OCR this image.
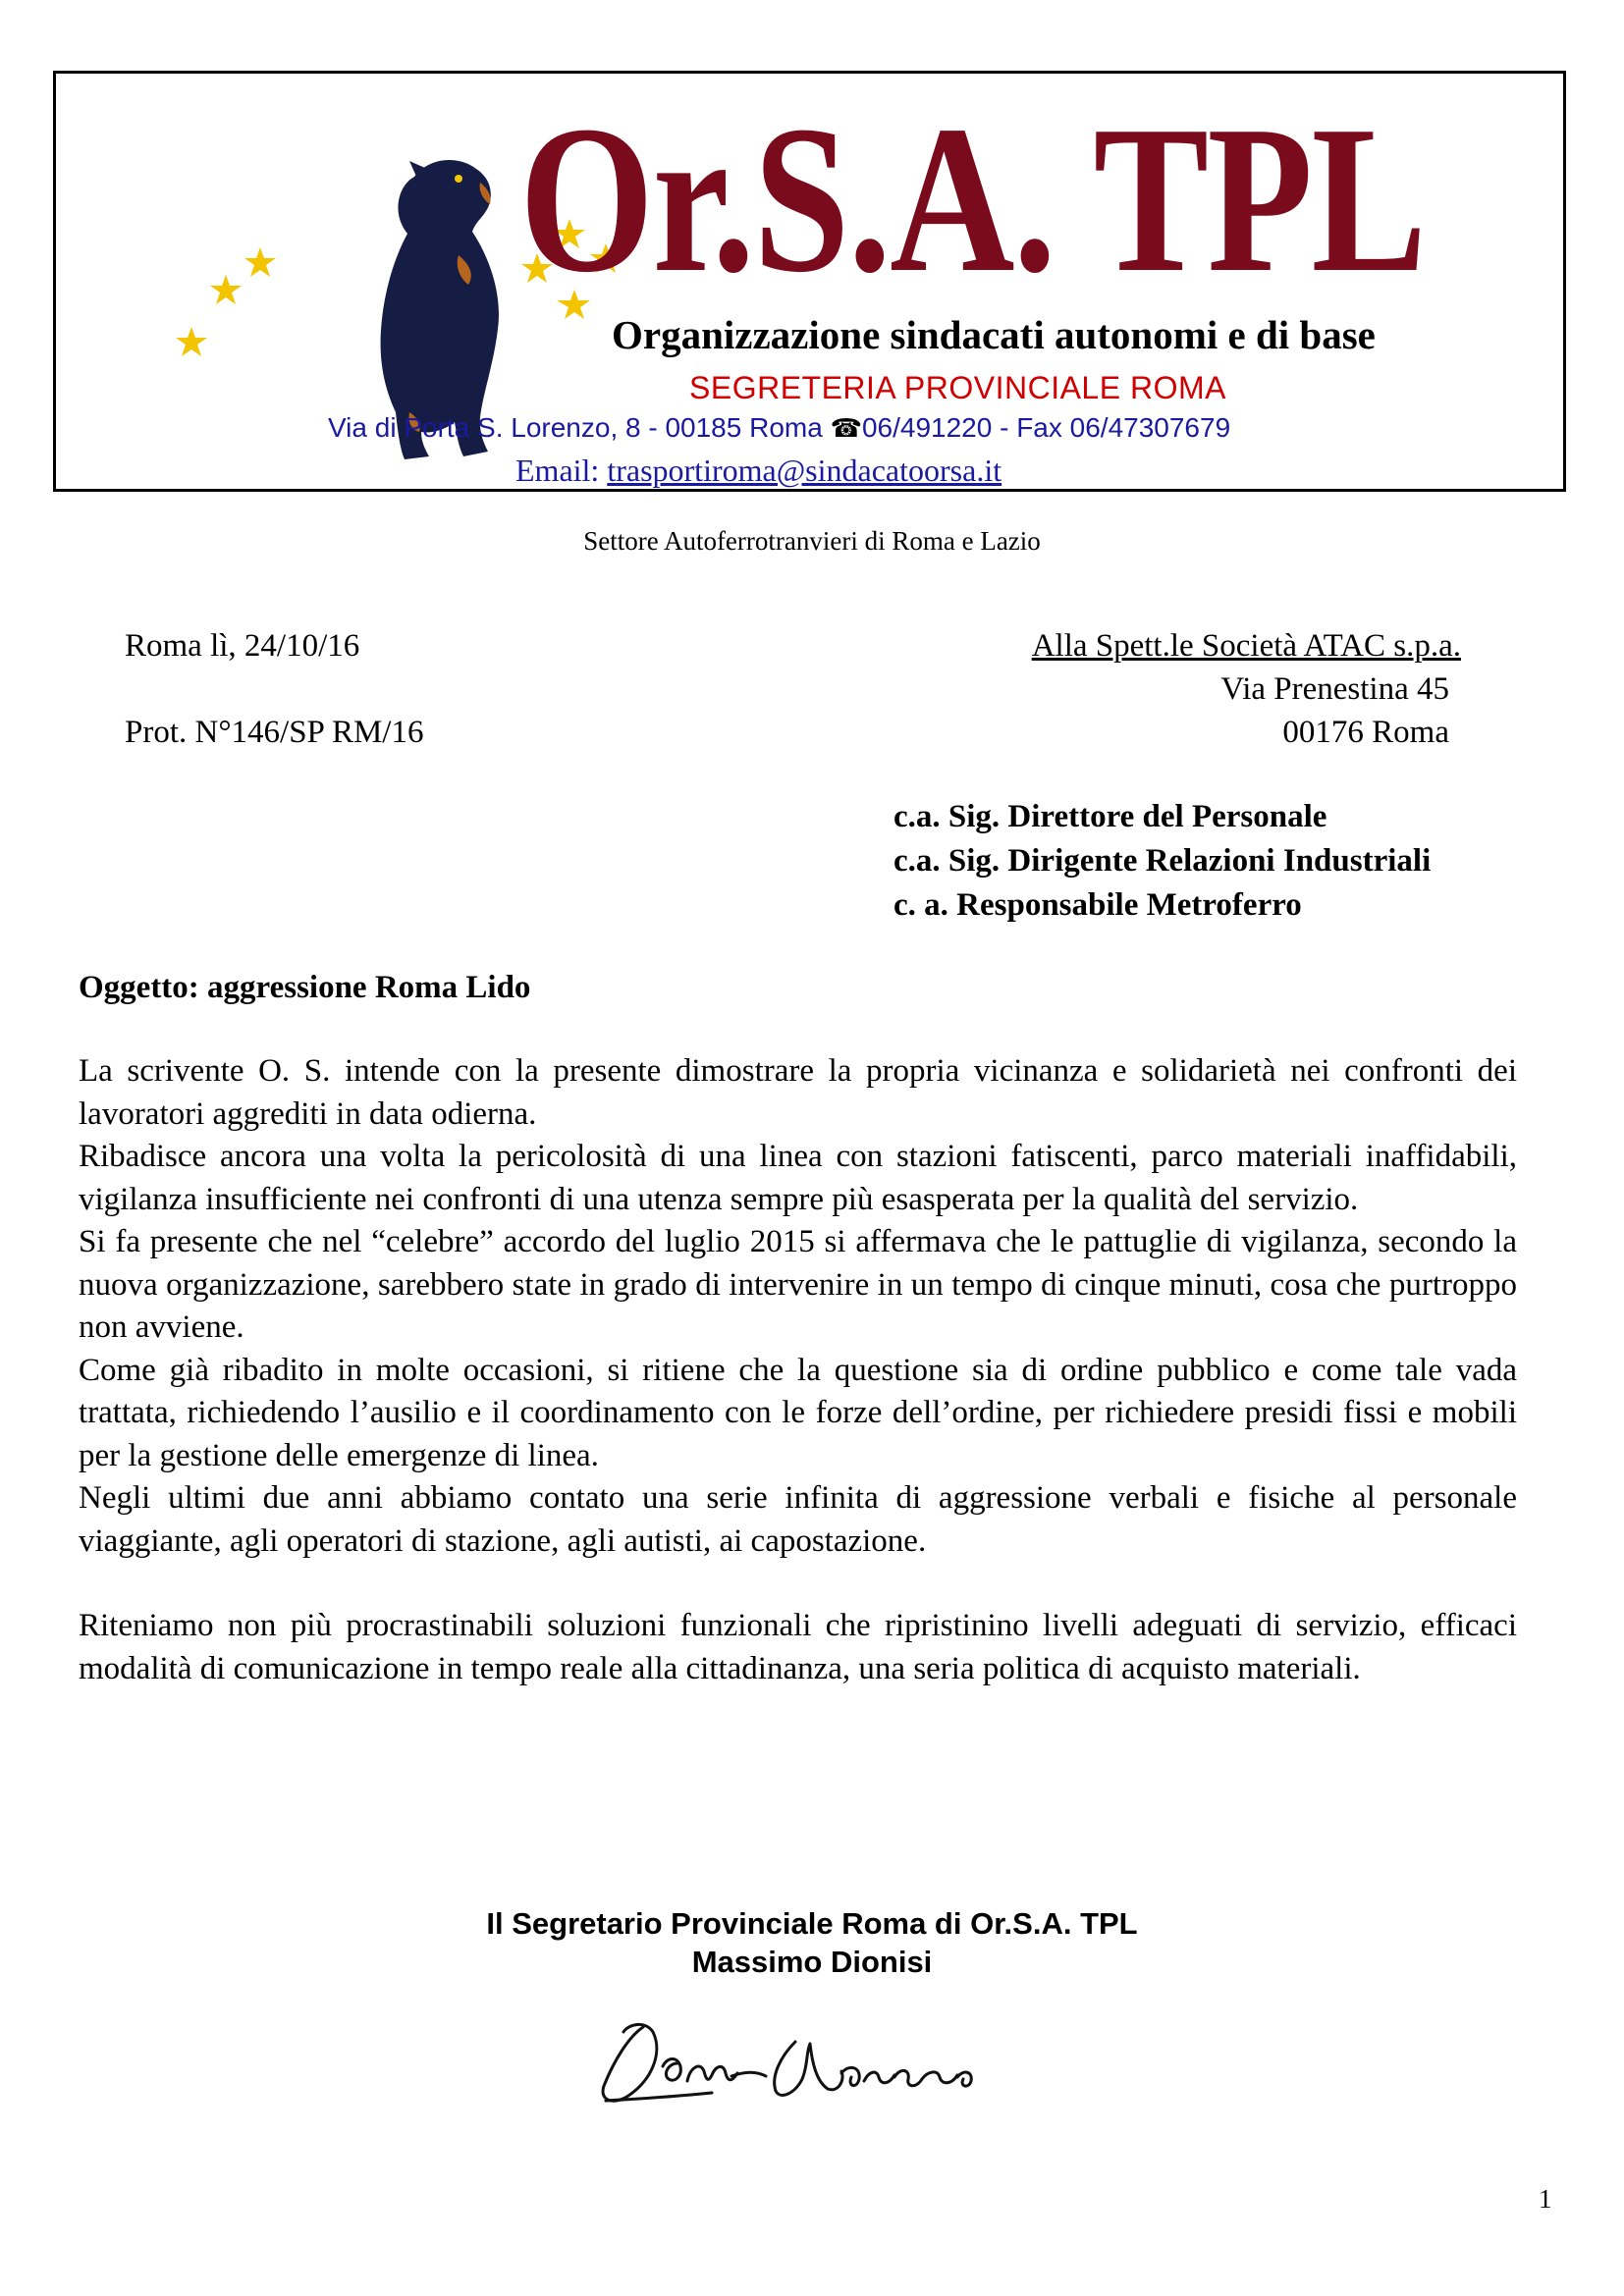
Or.S.A. TPL
Organizzazione sindacati autonomi e di base
SEGRETERIA PROVINCIALE ROMA
Via di Porta S. Lorenzo, 8 - 00185 Roma ☎06/491220 - Fax 06/47307679
Email: trasportiroma@sindacatoorsa.it
Settore Autoferrotranvieri di Roma e Lazio
Roma lì, 24/10/16
Prot. N°146/SP RM/16
Alla Spett.le Società ATAC s.p.a.
Via Prenestina 45
00176 Roma
c.a. Sig. Direttore del Personale
c.a. Sig. Dirigente Relazioni Industriali
c. a. Responsabile Metroferro
Oggetto: aggressione Roma Lido

La scrivente O. S. intende con la presente dimostrare la propria vicinanza e solidarietà nei confronti dei lavoratori aggrediti in data odierna.

Ribadisce ancora una volta la pericolosità di una linea con stazioni fatiscenti, parco materiali inaffidabili, vigilanza insufficiente nei confronti di una utenza sempre più esasperata per la qualità del servizio.

Si fa presente che nel “celebre” accordo del luglio 2015 si affermava che le pattuglie di vigilanza, secondo la nuova organizzazione, sarebbero state in grado di intervenire in un tempo di cinque minuti, cosa che purtroppo non avviene.

Come già ribadito in molte occasioni, si ritiene che la questione sia di ordine pubblico e come tale vada trattata, richiedendo l’ausilio e il coordinamento con le forze dell’ordine, per richiedere presidi fissi e mobili per la gestione delle emergenze di linea.

Negli ultimi due anni abbiamo contato una serie infinita di aggressione verbali e fisiche al personale viaggiante, agli operatori di stazione, agli autisti, ai capostazione.

Riteniamo non più procrastinabili soluzioni funzionali che ripristinino livelli adeguati di servizio, efficaci modalità di comunicazione in tempo reale alla cittadinanza, una seria politica di acquisto materiali.

Il Segretario Provinciale Roma di Or.S.A. TPL
Massimo Dionisi
1
